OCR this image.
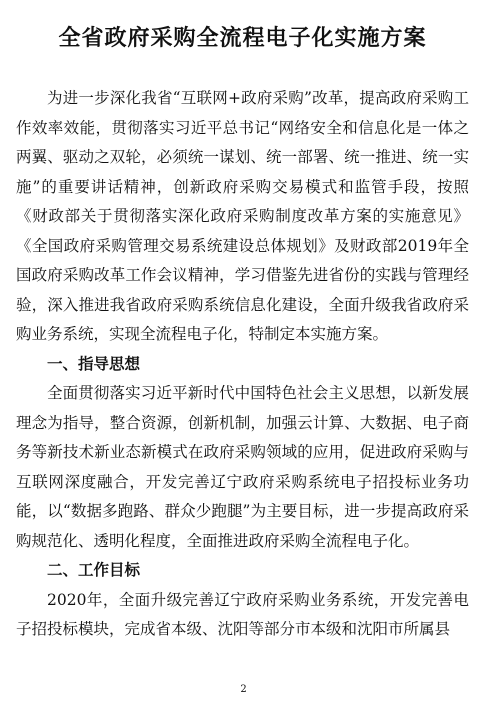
全省政府采购全流程电子化实施方案

为进一步深化我省“互联网+政府采购”改革，提高政府采购工作效率效能，贯彻落实习近平总书记“网络安全和信息化是一体之两翼、驱动之双轮，必须统一谋划、统一部署、统一推进、统一实施”的重要讲话精神，创新政府采购交易模式和监管手段，按照《财政部关于贯彻落实深化政府采购制度改革方案的实施意见》《全国政府采购管理交易系统建设总体规划》及财政部2019年全国政府采购改革工作会议精神，学习借鉴先进省份的实践与管理经验，深入推进我省政府采购系统信息化建设，全面升级我省政府采购业务系统，实现全流程电子化，特制定本实施方案。

一、指导思想

全面贯彻落实习近平新时代中国特色社会主义思想，以新发展理念为指导，整合资源，创新机制，加强云计算、大数据、电子商务等新技术新业态新模式在政府采购领域的应用，促进政府采购与互联网深度融合，开发完善辽宁政府采购系统电子招投标业务功能，以“数据多跑路、群众少跑腿”为主要目标，进一步提高政府采购规范化、透明化程度，全面推进政府采购全流程电子化。

二、工作目标

2020年，全面升级完善辽宁政府采购业务系统，开发完善电子招投标模块，完成省本级、沈阳等部分市本级和沈阳市所属县

2
